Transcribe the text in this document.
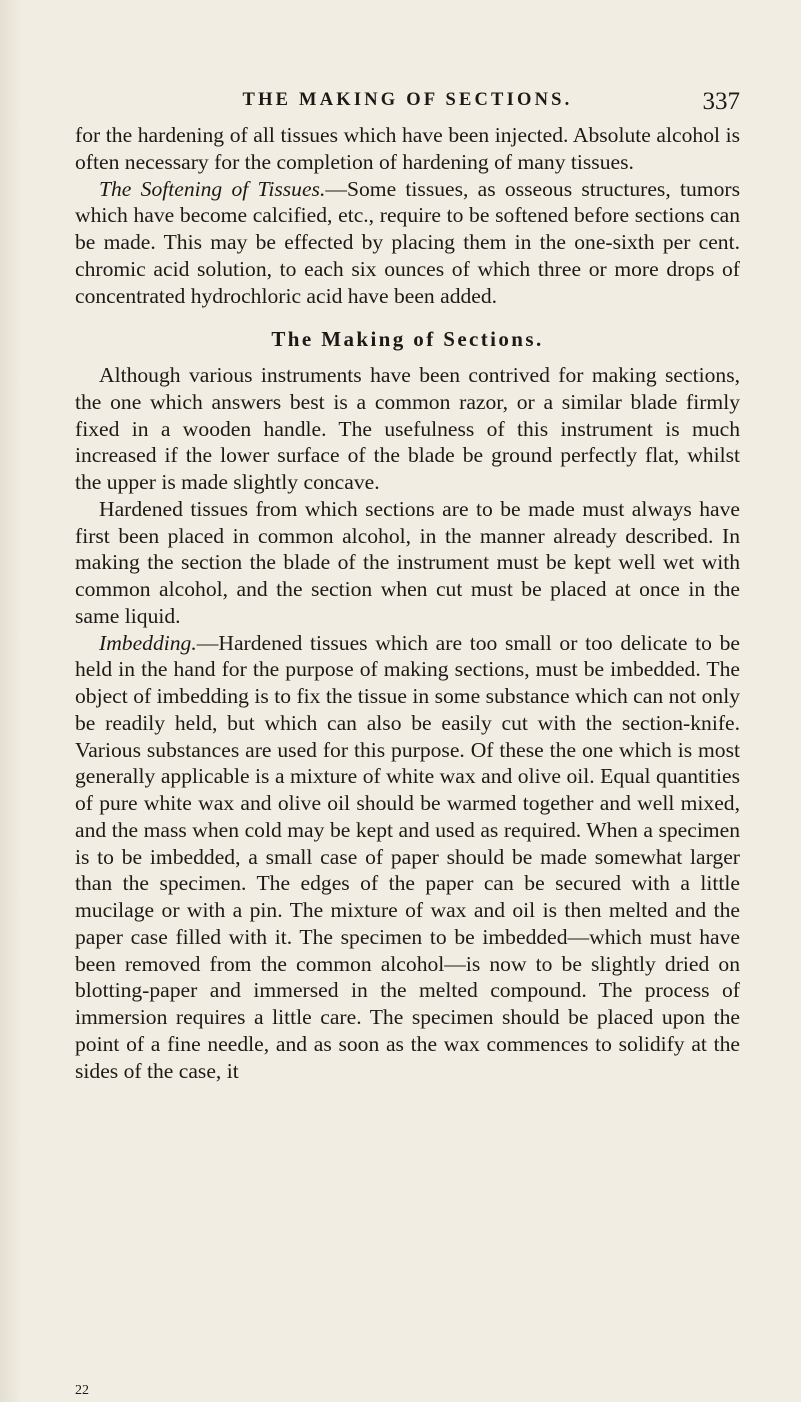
THE MAKING OF SECTIONS.	337

for the hardening of all tissues which have been injected. Absolute alcohol is often necessary for the completion of hardening of many tissues.

The Softening of Tissues.—Some tissues, as osseous structures, tumors which have become calcified, etc., require to be softened before sections can be made. This may be effected by placing them in the one-sixth per cent. chromic acid solution, to each six ounces of which three or more drops of concentrated hydrochloric acid have been added.

The Making of Sections.

Although various instruments have been contrived for making sections, the one which answers best is a common razor, or a similar blade firmly fixed in a wooden handle. The usefulness of this instrument is much increased if the lower surface of the blade be ground perfectly flat, whilst the upper is made slightly concave.

Hardened tissues from which sections are to be made must always have first been placed in common alcohol, in the manner already described. In making the section the blade of the instrument must be kept well wet with common alcohol, and the section when cut must be placed at once in the same liquid.

Imbedding.—Hardened tissues which are too small or too delicate to be held in the hand for the purpose of making sections, must be imbedded. The object of imbedding is to fix the tissue in some substance which can not only be readily held, but which can also be easily cut with the section-knife. Various substances are used for this purpose. Of these the one which is most generally applicable is a mixture of white wax and olive oil. Equal quantities of pure white wax and olive oil should be warmed together and well mixed, and the mass when cold may be kept and used as required. When a specimen is to be imbedded, a small case of paper should be made somewhat larger than the specimen. The edges of the paper can be secured with a little mucilage or with a pin. The mixture of wax and oil is then melted and the paper case filled with it. The specimen to be imbedded—which must have been removed from the common alcohol—is now to be slightly dried on blotting-paper and immersed in the melted compound. The process of immersion requires a little care. The specimen should be placed upon the point of a fine needle, and as soon as the wax commences to solidify at the sides of the case, it

22
